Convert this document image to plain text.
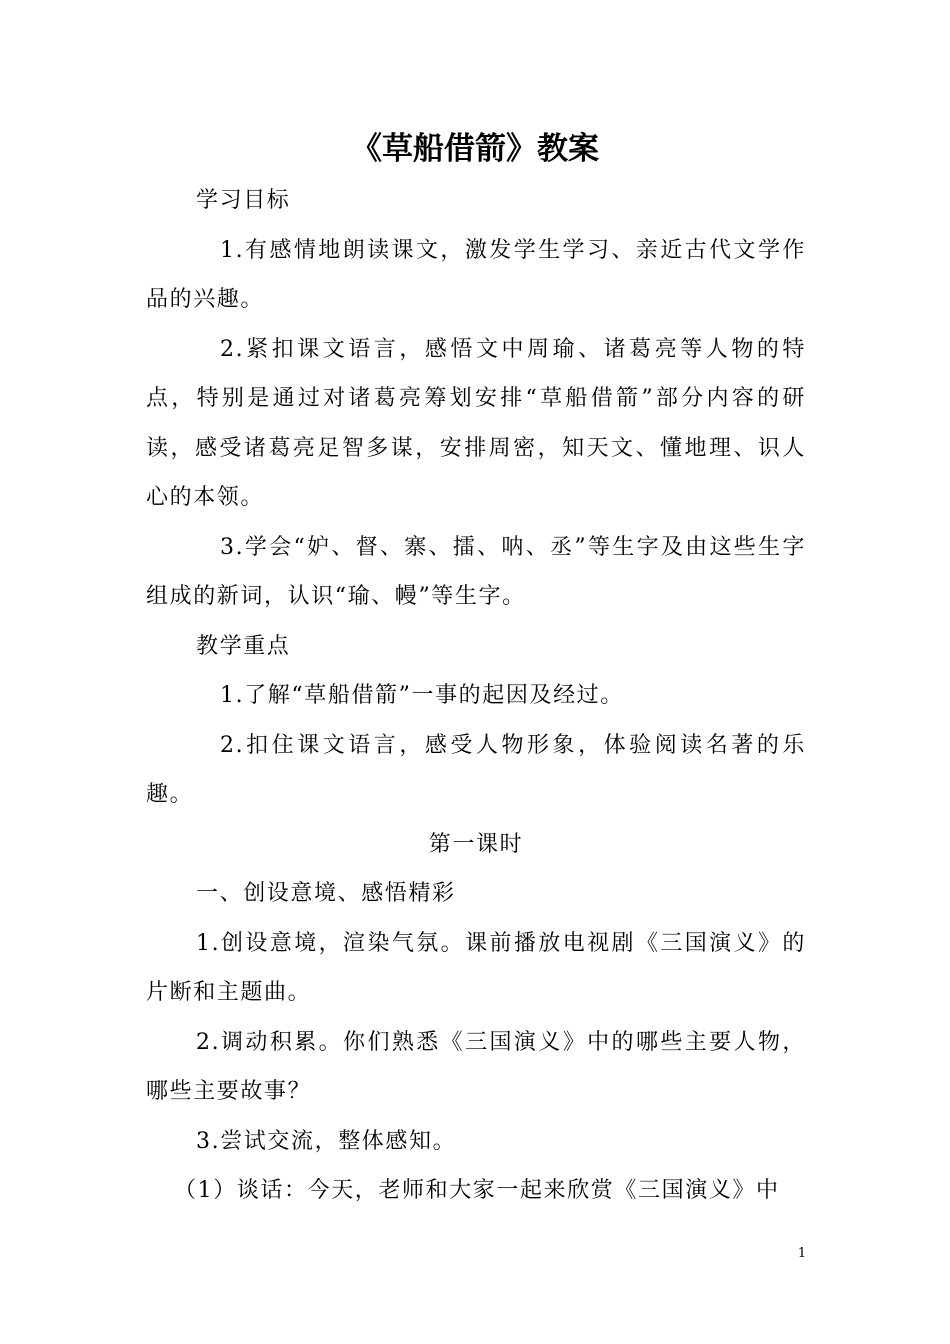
《草船借箭》教案

学习目标

1.有感情地朗读课文，激发学生学习、亲近古代文学作品的兴趣。

2.紧扣课文语言，感悟文中周瑜、诸葛亮等人物的特点，特别是通过对诸葛亮筹划安排“草船借箭”部分内容的研读，感受诸葛亮足智多谋，安排周密，知天文、懂地理、识人心的本领。

3.学会“妒、督、寨、擂、呐、丞”等生字及由这些生字组成的新词，认识“瑜、幔”等生字。

教学重点

1.了解“草船借箭”一事的起因及经过。

2.扣住课文语言，感受人物形象，体验阅读名著的乐趣。

第一课时

一、创设意境、感悟精彩

1.创设意境，渲染气氛。课前播放电视剧《三国演义》的片断和主题曲。

2.调动积累。你们熟悉《三国演义》中的哪些主要人物，哪些主要故事？

3.尝试交流，整体感知。

（1）谈话：今天，老师和大家一起来欣赏《三国演义》中

1
